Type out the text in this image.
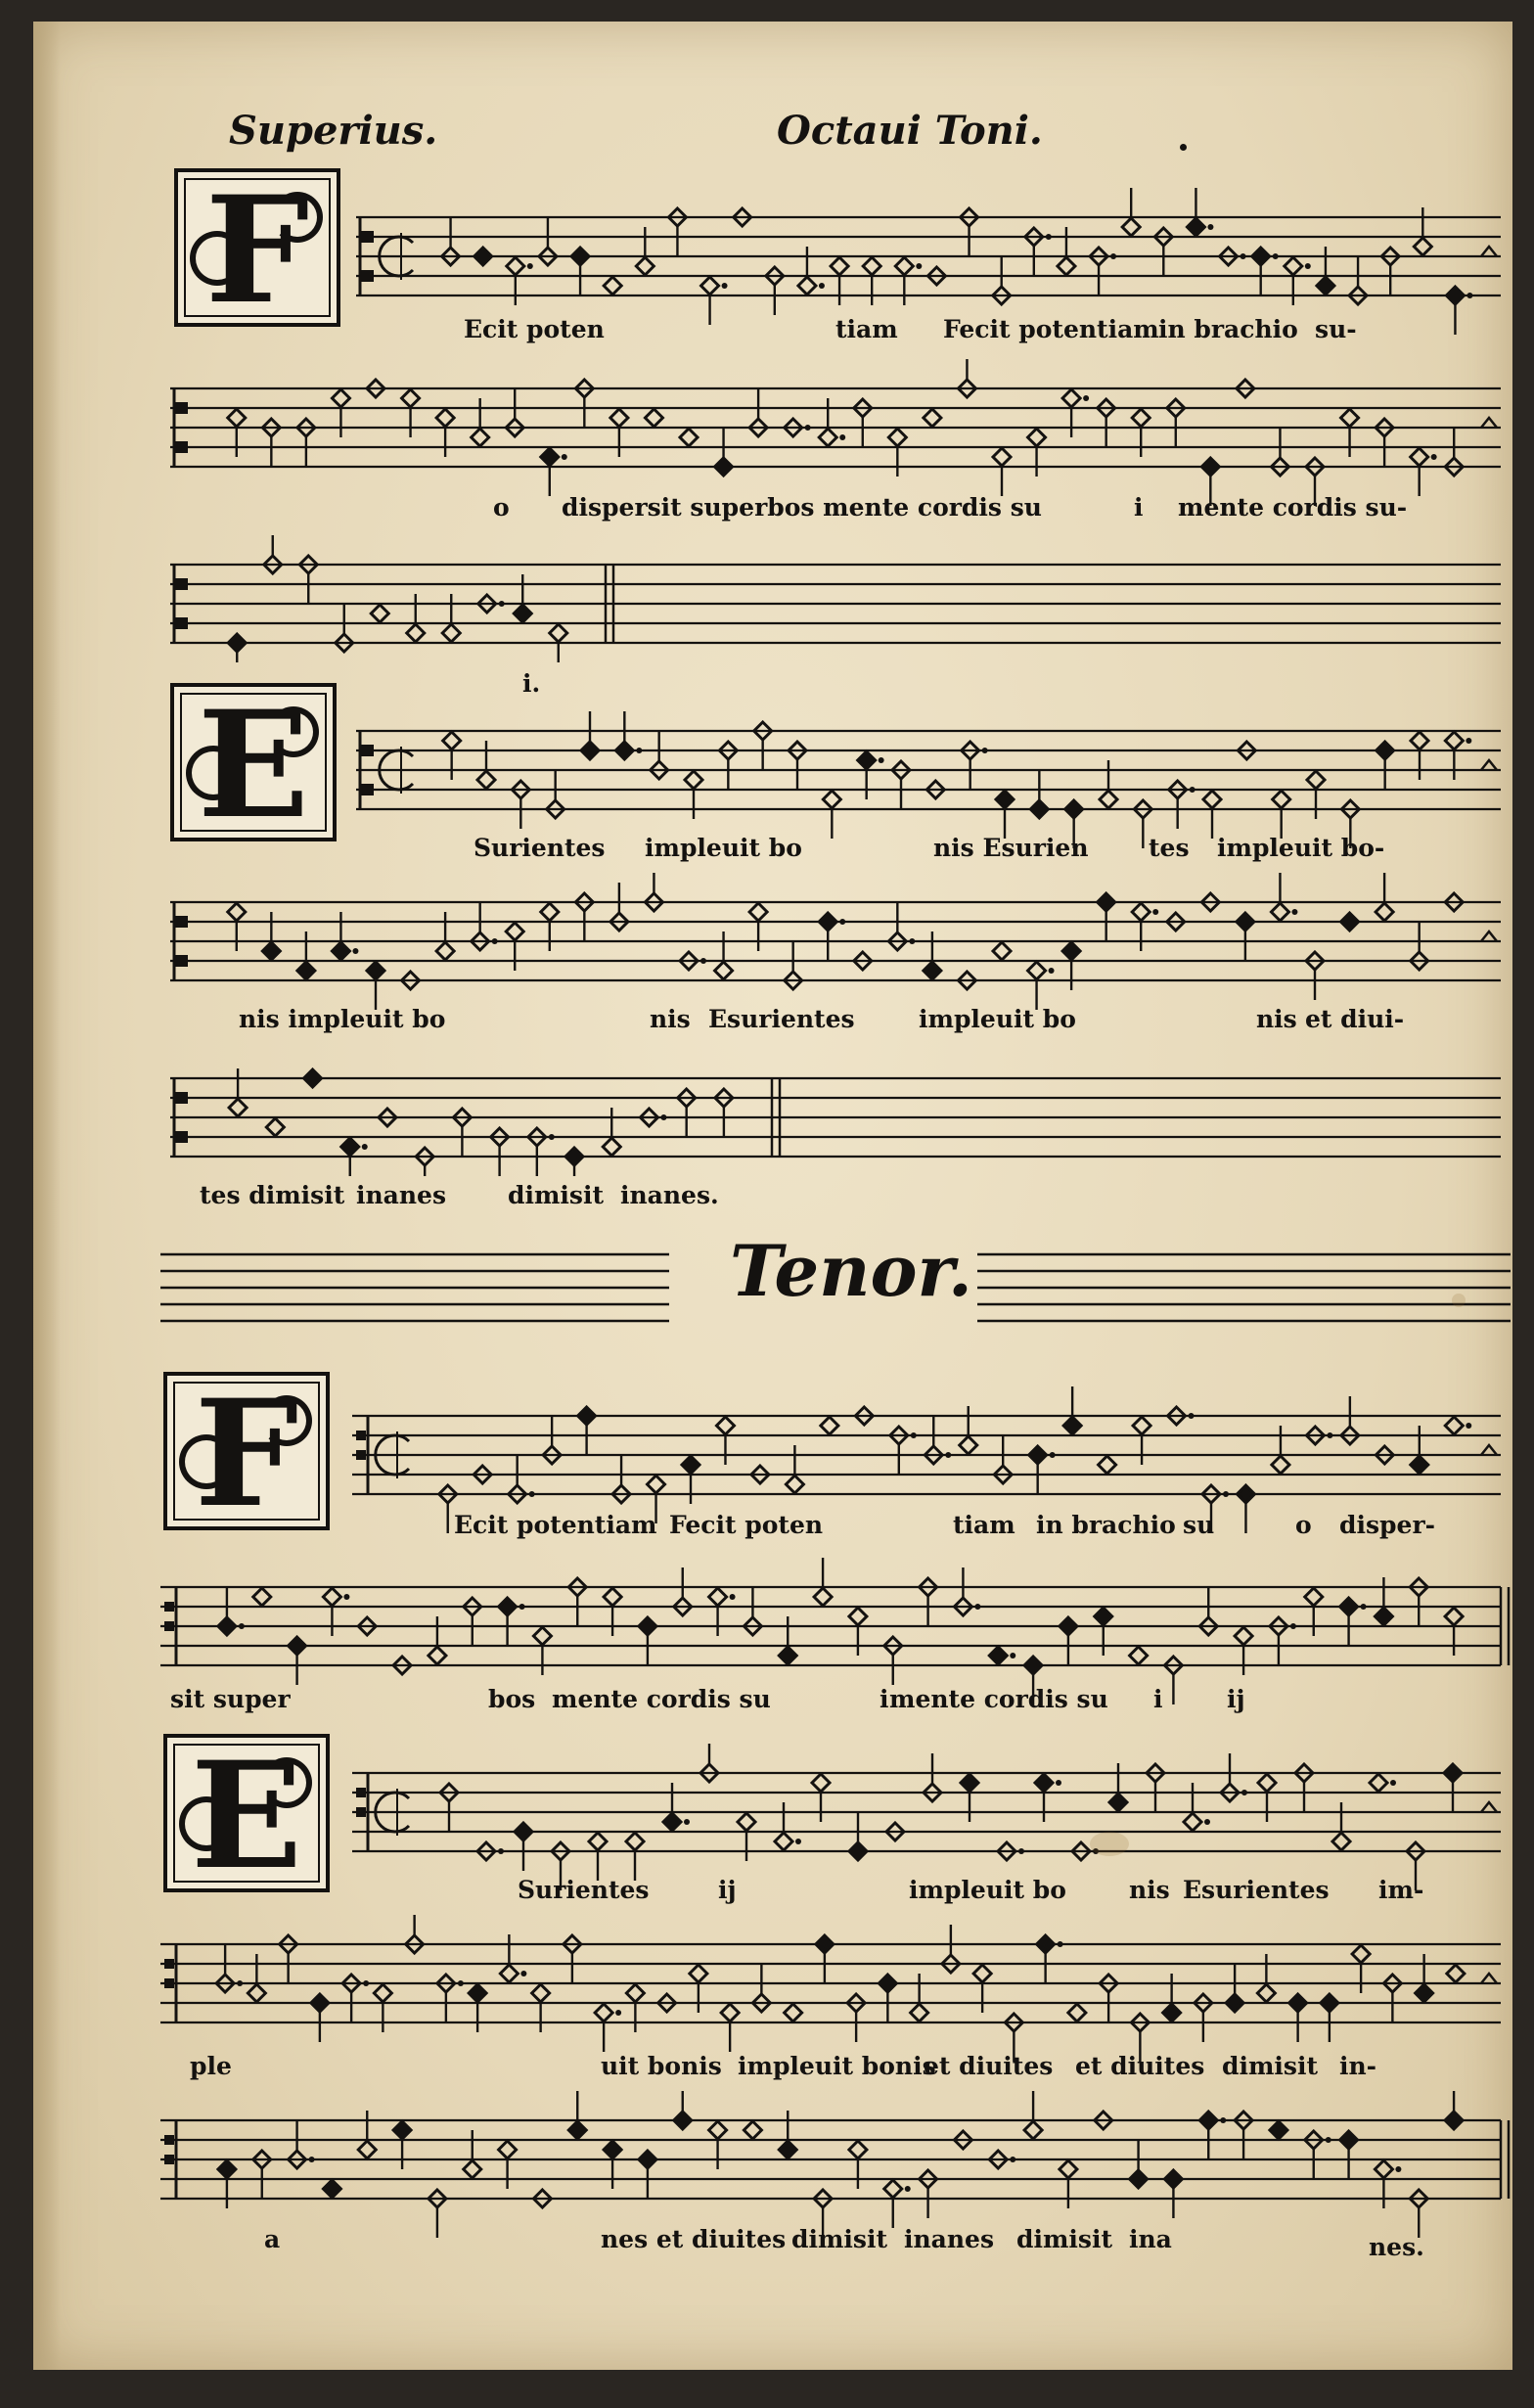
Superius.	Octaui Toni.
F	Ecit poten	tiam Fecit potentiam in brachio su-
o dispersit superbos mente cordis su	i mente cordis su-
i.
E	Surientes impleuit bo	nis Esurien tes impleuit bo-
nis impleuit bo	nis Esurientes	impleuit bo	nis et diui-
tes dimisit inanes	dimisit inanes.
Tenor.
F	Ecit potentiam Fecit poten	tiam in brachio su	o disper-
sit super	bos mente cordis su	i mente cordis su i	ij
E	Surientes	ij	impleuit bo	nis Esurientes im-
ple	uit bonis impleuit bonis
et diuites et diuites dimisit in-
a	nes et diuites dimisit inanes dimisit ina	nes.
